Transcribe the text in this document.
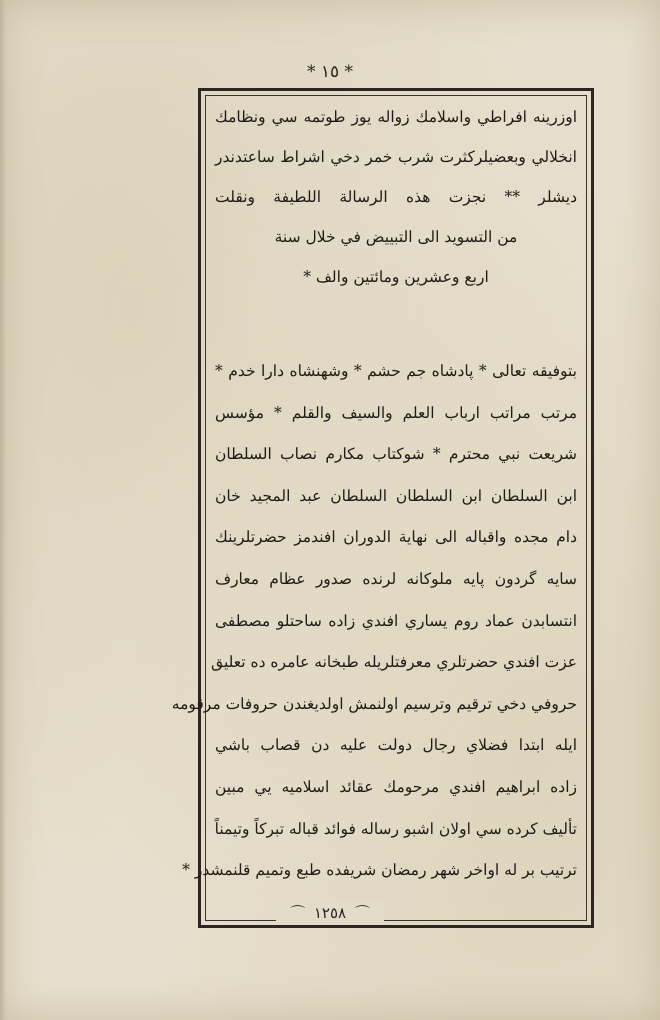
* ١٥ *
اوزرينه افراطي واسلامك زواله يوز طوتمه سي ونظامك
انخلالي وبعضيلركثرت شرب خمر دخي اشراط ساعتدندر
ديشلر ** نجزت هذه الرسالة اللطيفة ونقلت
من التسويد الى التبييض في خلال سنة
اربع وعشرين ومائتين والف *
بتوفيقه تعالى * پادشاه جم حشم * وشهنشاه دارا خدم *
مرتب مراتب ارباب العلم والسيف والقلم * مؤسس
شريعت نبي محترم * شوكتاب مكارم نصاب السلطان
ابن السلطان ابن السلطان السلطان عبد المجيد خان
دام مجده واقباله الى نهاية الدوران افندمز حضرتلرينك
سايه گردون پايه ملوكانه لرنده صدور عظام معارف
انتسابدن عماد روم يساري افندي زاده ساحتلو مصطفى
عزت افندي حضرتلري معرفتلريله طبخانه عامره ده تعليق
حروفي دخي ترقيم وترسيم اولنمش اولديغندن حروفات مرقومه
ايله ابتدا فضلاي رجال دولت عليه دن قصاب باشي
زاده ابراهيم افندي مرحومك عقائد اسلاميه يي مبين
تأليف كرده سي اولان اشبو رساله فوائد قباله تبركاً وتيمناً
ترتيب بر له اواخر شهر رمضان شريفده طبع وتميم قلنمشدر *
⌒ ١٢٥٨ ⌒
